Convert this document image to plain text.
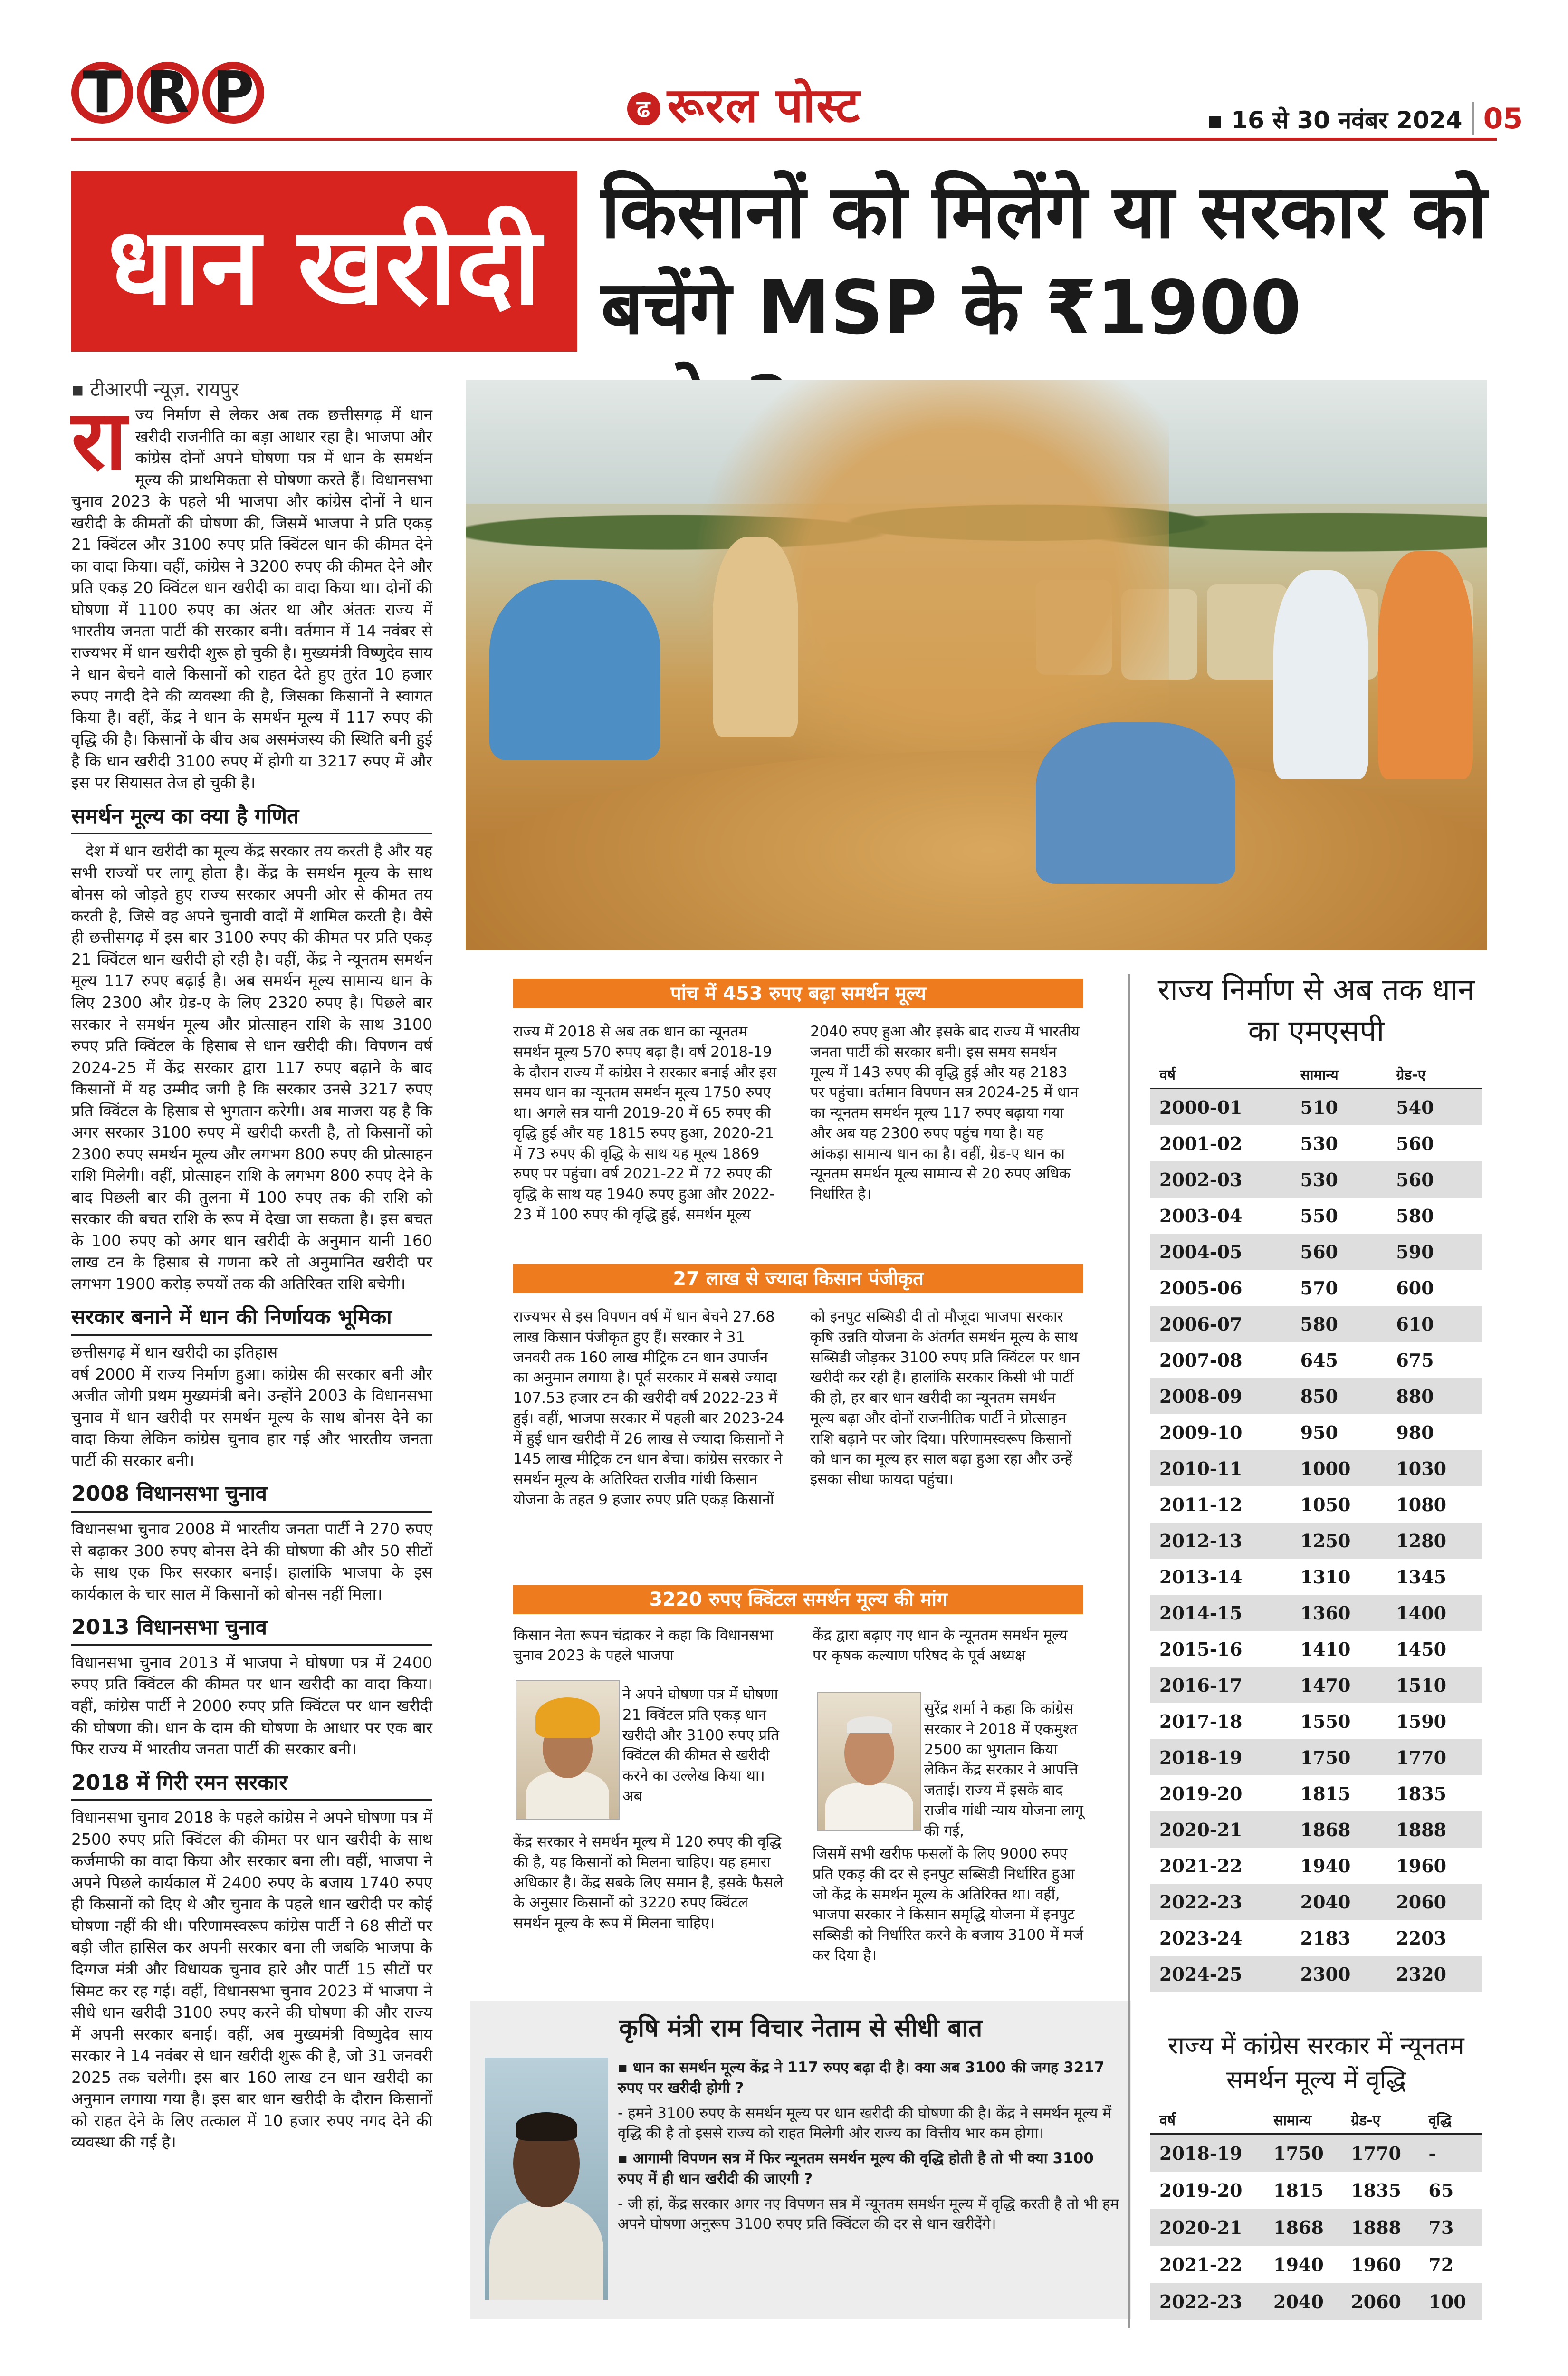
T R P	ढ रूरल पोस्ट	▪ 16 से 30 नवंबर 2024 05
धान खरीदी किसानों को मिलेंगे या सरकार को
बचेंगे MSP के ₹1900
▪ टीआरपी न्यूज़. रायपुर

राज्य निर्माण से लेकर अब तक छत्तीसगढ़ में धान खरीदी राजनीति का बड़ा आधार रहा है। भाजपा और कांग्रेस दोनों अपने घोषणा पत्र में धान के समर्थन मूल्य की प्राथमिकता से घोषणा करते हैं। विधानसभा चुनाव 2023 के पहले भी भाजपा और कांग्रेस दोनों ने धान खरीदी के कीमतों की घोषणा की, जिसमें भाजपा ने प्रति एकड़ 21 क्विंटल और 3100 रुपए प्रति क्विंटल धान की कीमत देने का वादा किया। वहीं, कांग्रेस ने 3200 रुपए की कीमत देने और प्रति एकड़ 20 क्विंटल धान खरीदी का वादा किया था। दोनों की घोषणा में 1100 रुपए का अंतर था और अंततः राज्य में भारतीय जनता पार्टी की सरकार बनी। वर्तमान में 14 नवंबर से राज्यभर में धान खरीदी शुरू हो चुकी है। मुख्यमंत्री विष्णुदेव साय ने धान बेचने वाले किसानों को राहत देते हुए तुरंत 10 हजार रुपए नगदी देने की व्यवस्था की है, जिसका किसानों ने स्वागत किया है। वहीं, केंद्र ने धान के समर्थन मूल्य में 117 रुपए की वृद्धि की है। किसानों के बीच अब असमंजस्य की स्थिति बनी हुई है कि धान खरीदी 3100 रुपए में होगी या 3217 रुपए में और इस पर सियासत तेज हो चुकी है।

समर्थन मूल्य का क्या है गणित

देश में धान खरीदी का मूल्य केंद्र सरकार तय करती है और यह सभी राज्यों पर लागू होता है। केंद्र के समर्थन मूल्य के साथ बोनस को जोड़ते हुए राज्य सरकार अपनी ओर से कीमत तय करती है, जिसे वह अपने चुनावी वादों में शामिल करती है। वैसे ही छत्तीसगढ़ में इस बार 3100 रुपए की कीमत पर प्रति एकड़ 21 क्विंटल धान खरीदी हो रही है। वहीं, केंद्र ने न्यूनतम समर्थन मूल्य 117 रुपए बढ़ाई है। अब समर्थन मूल्य सामान्य धान के लिए 2300 और ग्रेड-ए के लिए 2320 रुपए है। पिछले बार सरकार ने समर्थन मूल्य और प्रोत्साहन राशि के साथ 3100 रुपए प्रति क्विंटल के हिसाब से धान खरीदी की। विपणन वर्ष 2024-25 में केंद्र सरकार द्वारा 117 रुपए बढ़ाने के बाद किसानों में यह उम्मीद जगी है कि सरकार उनसे 3217 रुपए प्रति क्विंटल के हिसाब से भुगतान करेगी। अब माजरा यह है कि अगर सरकार 3100 रुपए में खरीदी करती है, तो किसानों को 2300 रुपए समर्थन मूल्य और लगभग 800 रुपए की प्रोत्साहन राशि मिलेगी। वहीं, प्रोत्साहन राशि के लगभग 800 रुपए देने के बाद पिछली बार की तुलना में 100 रुपए तक की राशि को सरकार की बचत राशि के रूप में देखा जा सकता है। इस बचत के 100 रुपए को अगर धान खरीदी के अनुमान यानी 160 लाख टन के हिसाब से गणना करे तो अनुमानित खरीदी पर लगभग 1900 करोड़ रुपयों तक की अतिरिक्त राशि बचेगी।

सरकार बनाने में धान की निर्णायक भूमिका

छत्तीसगढ़ में धान खरीदी का इतिहास
वर्ष 2000 में राज्य निर्माण हुआ। कांग्रेस की सरकार बनी और अजीत जोगी प्रथम मुख्यमंत्री बने। उन्होंने 2003 के विधानसभा चुनाव में धान खरीदी पर समर्थन मूल्य के साथ बोनस देने का वादा किया लेकिन कांग्रेस चुनाव हार गई और भारतीय जनता पार्टी की सरकार बनी।

2008 विधानसभा चुनाव

विधानसभा चुनाव 2008 में भारतीय जनता पार्टी ने 270 रुपए से बढ़ाकर 300 रुपए बोनस देने की घोषणा की और 50 सीटों के साथ एक फिर सरकार बनाई। हालांकि भाजपा के इस कार्यकाल के चार साल में किसानों को बोनस नहीं मिला।

2013 विधानसभा चुनाव

विधानसभा चुनाव 2013 में भाजपा ने घोषणा पत्र में 2400 रुपए प्रति क्विंटल की कीमत पर धान खरीदी का वादा किया। वहीं, कांग्रेस पार्टी ने 2000 रुपए प्रति क्विंटल पर धान खरीदी की घोषणा की। धान के दाम की घोषणा के आधार पर एक बार फिर राज्य में भारतीय जनता पार्टी की सरकार बनी।

2018 में गिरी रमन सरकार

विधानसभा चुनाव 2018 के पहले कांग्रेस ने अपने घोषणा पत्र में 2500 रुपए प्रति क्विंटल की कीमत पर धान खरीदी के साथ कर्जमाफी का वादा किया और सरकार बना ली। वहीं, भाजपा ने अपने पिछले कार्यकाल में 2400 रुपए के बजाय 1740 रुपए ही किसानों को दिए थे और चुनाव के पहले धान खरीदी पर कोई घोषणा नहीं की थी। परिणामस्वरूप कांग्रेस पार्टी ने 68 सीटों पर बड़ी जीत हासिल कर अपनी सरकार बना ली जबकि भाजपा के दिग्गज मंत्री और विधायक चुनाव हारे और पार्टी 15 सीटों पर सिमट कर रह गई। वहीं, विधानसभा चुनाव 2023 में भाजपा ने सीधे धान खरीदी 3100 रुपए करने की घोषणा की और राज्य में अपनी सरकार बनाई। वहीं, अब मुख्यमंत्री विष्णुदेव साय सरकार ने 14 नवंबर से धान खरीदी शुरू की है, जो 31 जनवरी 2025 तक चलेगी। इस बार 160 लाख टन धान खरीदी का अनुमान लगाया गया है। इस बार धान खरीदी के दौरान किसानों को राहत देने के लिए तत्काल में 10 हजार रुपए नगद देने की व्यवस्था की गई है।

पांच में 453 रुपए बढ़ा समर्थन मूल्य

राज्य में 2018 से अब तक धान का न्यूनतम समर्थन मूल्य 570 रुपए बढ़ा है। वर्ष 2018-19 के दौरान राज्य में कांग्रेस ने सरकार बनाई और इस समय धान का न्यूनतम समर्थन मूल्य 1750 रुपए था। अगले सत्र यानी 2019-20 में 65 रुपए की वृद्धि हुई और यह 1815 रुपए हुआ, 2020-21 में 73 रुपए की वृद्धि के साथ यह मूल्य 1869 रुपए पर पहुंचा। वर्ष 2021-22 में 72 रुपए की वृद्धि के साथ यह 1940 रुपए हुआ और 2022-23 में 100 रुपए की वृद्धि हुई, समर्थन मूल्य 2040 रुपए हुआ और इसके बाद राज्य में भारतीय जनता पार्टी की सरकार बनी। इस समय समर्थन मूल्य में 143 रुपए की वृद्धि हुई और यह 2183 पर पहुंचा। वर्तमान विपणन सत्र 2024-25 में धान का न्यूनतम समर्थन मूल्य 117 रुपए बढ़ाया गया और अब यह 2300 रुपए पहुंच गया है। यह आंकड़ा सामान्य धान का है। वहीं, ग्रेड-ए धान का न्यूनतम समर्थन मूल्य सामान्य से 20 रुपए अधिक निर्धारित है।

27 लाख से ज्यादा किसान पंजीकृत

राज्यभर से इस विपणन वर्ष में धान बेचने 27.68 लाख किसान पंजीकृत हुए हैं। सरकार ने 31 जनवरी तक 160 लाख मीट्रिक टन धान उपार्जन का अनुमान लगाया है। पूर्व सरकार में सबसे ज्यादा 107.53 हजार टन की खरीदी वर्ष 2022-23 में हुई। वहीं, भाजपा सरकार में पहली बार 2023-24 में हुई धान खरीदी में 26 लाख से ज्यादा किसानों ने 145 लाख मीट्रिक टन धान बेचा। कांग्रेस सरकार ने समर्थन मूल्य के अतिरिक्त राजीव गांधी किसान योजना के तहत 9 हजार रुपए प्रति एकड़ किसानों को इनपुट सब्सिडी दी तो मौजूदा भाजपा सरकार कृषि उन्नति योजना के अंतर्गत समर्थन मूल्य के साथ सब्सिडी जोड़कर 3100 रुपए प्रति क्विंटल पर धान खरीदी कर रही है। हालांकि सरकार किसी भी पार्टी की हो, हर बार धान खरीदी का न्यूनतम समर्थन मूल्य बढ़ा और दोनों राजनीतिक पार्टी ने प्रोत्साहन राशि बढ़ाने पर जोर दिया। परिणामस्वरूप किसानों को धान का मूल्य हर साल बढ़ा हुआ रहा और उन्हें इसका सीधा फायदा पहुंचा।

3220 रुपए क्विंटल समर्थन मूल्य की मांग
किसान नेता रूपन चंद्राकर ने कहा कि विधानसभा चुनाव 2023 के पहले भाजपा
ने अपने घोषणा पत्र में घोषणा 21 क्विंटल प्रति एकड़ धान खरीदी और 3100 रुपए प्रति क्विंटल की कीमत से खरीदी करने का उल्लेख किया था। अब
केंद्र सरकार ने समर्थन मूल्य में 120 रुपए की वृद्धि की है, यह किसानों को मिलना चाहिए। यह हमारा अधिकार है। केंद्र सबके लिए समान है, इसके फैसले के अनुसार किसानों को 3220 रुपए क्विंटल समर्थन मूल्य के रूप में मिलना चाहिए।
केंद्र द्वारा बढ़ाए गए धान के न्यूनतम समर्थन मूल्य पर कृषक कल्याण परिषद के पूर्व अध्यक्ष
सुरेंद्र शर्मा ने कहा कि कांग्रेस सरकार ने 2018 में एकमुश्त 2500 का भुगतान किया लेकिन केंद्र सरकार ने आपत्ति जताई। राज्य में इसके बाद राजीव गांधी न्याय योजना लागू की गई,
जिसमें सभी खरीफ फसलों के लिए 9000 रुपए प्रति एकड़ की दर से इनपुट सब्सिडी निर्धारित हुआ जो केंद्र के समर्थन मूल्य के अतिरिक्त था। वहीं, भाजपा सरकार ने किसान समृद्धि योजना में इनपुट सब्सिडी को निर्धारित करने के बजाय 3100 में मर्ज कर दिया है।
कृषि मंत्री राम विचार नेताम से सीधी बात

▪ धान का समर्थन मूल्य केंद्र ने 117 रुपए बढ़ा दी है। क्या अब 3100 की जगह 3217 रुपए पर खरीदी होगी ?

- हमने 3100 रुपए के समर्थन मूल्य पर धान खरीदी की घोषणा की है। केंद्र ने समर्थन मूल्य में वृद्धि की है तो इससे राज्य को राहत मिलेगी और राज्य का वित्तीय भार कम होगा।

▪ आगामी विपणन सत्र में फिर न्यूनतम समर्थन मूल्य की वृद्धि होती है तो भी क्या 3100 रुपए में ही धान खरीदी की जाएगी ?

- जी हां, केंद्र सरकार अगर नए विपणन सत्र में न्यूनतम समर्थन मूल्य में वृद्धि करती है तो भी हम अपने घोषणा अनुरूप 3100 रुपए प्रति क्विंटल की दर से धान खरीदेंगे।

राज्य निर्माण से अब तक धान का एमएसपी
वर्ष	सामान्य	ग्रेड-ए
2000-01	510	540
2001-02	530	560
2002-03	530	560
2003-04	550	580
2004-05	560	590
2005-06	570	600
2006-07	580	610
2007-08	645	675
2008-09	850	880
2009-10	950	980
2010-11	1000	1030
2011-12	1050	1080
2012-13	1250	1280
2013-14	1310	1345
2014-15	1360	1400
2015-16	1410	1450
2016-17	1470	1510
2017-18	1550	1590
2018-19	1750	1770
2019-20	1815	1835
2020-21	1868	1888
2021-22	1940	1960
2022-23	2040	2060
2023-24	2183	2203
2024-25	2300	2320
राज्य में कांग्रेस सरकार में न्यूनतम समर्थन मूल्य में वृद्धि
वर्ष	सामान्य	ग्रेड-ए	वृद्धि
2018-19	1750	1770	-
2019-20	1815	1835	65
2020-21	1868	1888	73
2021-22	1940	1960	72
2022-23	2040	2060	100
